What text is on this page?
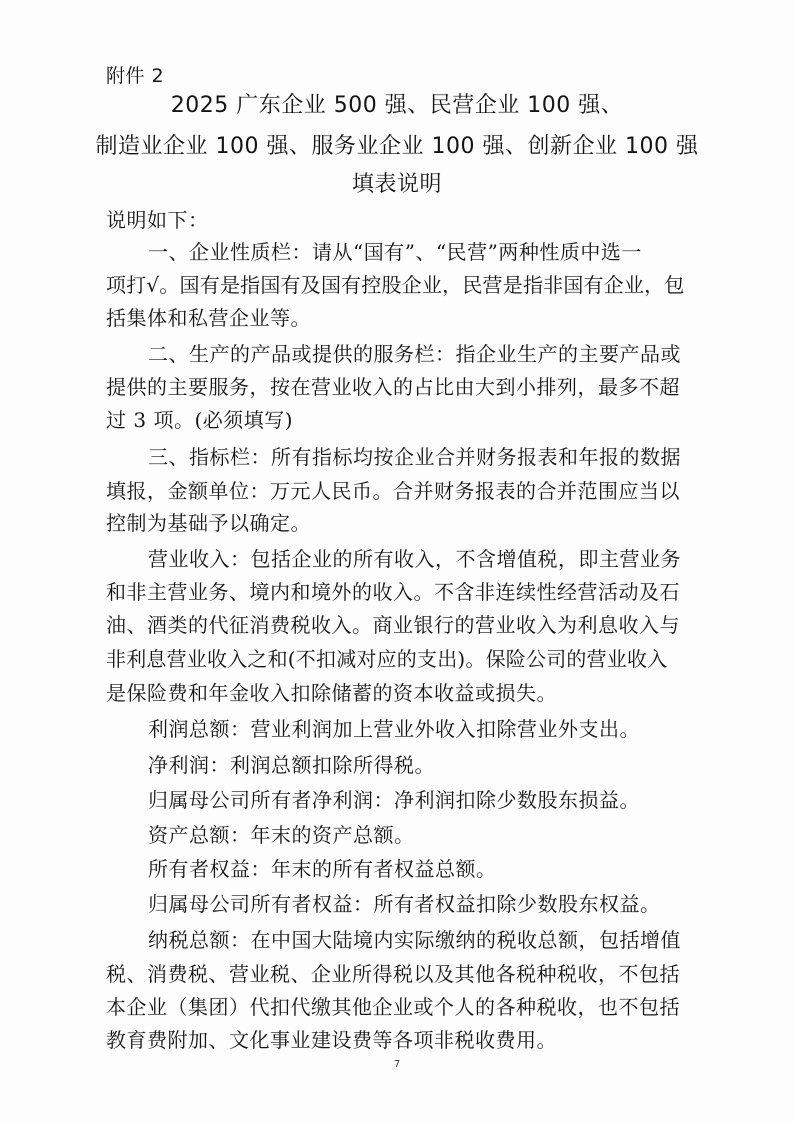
附件 2
2025 广东企业 500 强、民营企业 100 强、
制造业企业 100 强、服务业企业 100 强、创新企业 100 强
填表说明
说明如下：
一、企业性质栏：请从“国有”、“民营”两种性质中选一
项打√。国有是指国有及国有控股企业，民营是指非国有企业，包
括集体和私营企业等。
二、生产的产品或提供的服务栏：指企业生产的主要产品或
提供的主要服务，按在营业收入的占比由大到小排列，最多不超
过 3 项。(必须填写)
三、指标栏：所有指标均按企业合并财务报表和年报的数据
填报，金额单位：万元人民币。合并财务报表的合并范围应当以
控制为基础予以确定。
营业收入：包括企业的所有收入，不含增值税，即主营业务
和非主营业务、境内和境外的收入。不含非连续性经营活动及石
油、酒类的代征消费税收入。商业银行的营业收入为利息收入与
非利息营业收入之和(不扣减对应的支出)。保险公司的营业收入
是保险费和年金收入扣除储蓄的资本收益或损失。
利润总额：营业利润加上营业外收入扣除营业外支出。
净利润：利润总额扣除所得税。
归属母公司所有者净利润：净利润扣除少数股东损益。
资产总额：年末的资产总额。
所有者权益：年末的所有者权益总额。
归属母公司所有者权益：所有者权益扣除少数股东权益。
纳税总额：在中国大陆境内实际缴纳的税收总额，包括增值
税、消费税、营业税、企业所得税以及其他各税种税收，不包括
本企业（集团）代扣代缴其他企业或个人的各种税收，也不包括
教育费附加、文化事业建设费等各项非税收费用。
7
